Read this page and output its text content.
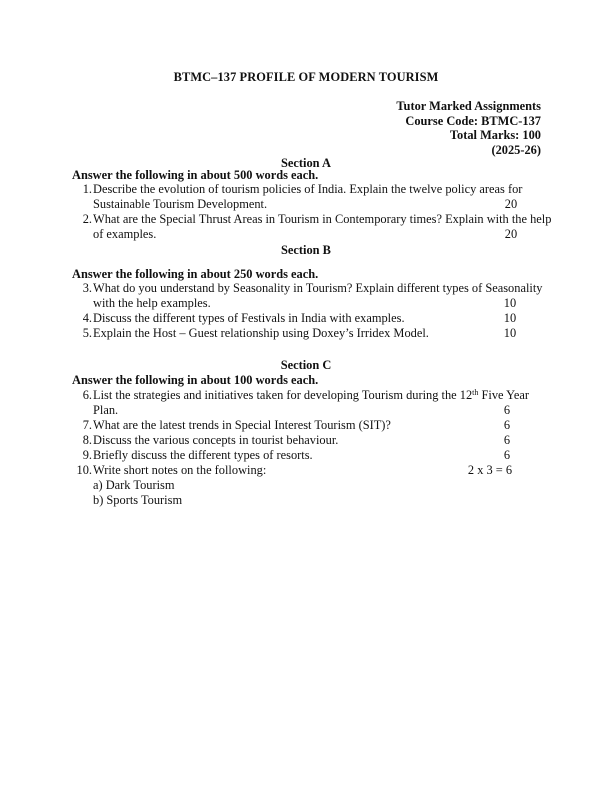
BTMC–137 PROFILE OF MODERN TOURISM
Tutor Marked Assignments
Course Code: BTMC-137
Total Marks: 100
(2025-26)
Section A
Answer the following in about 500 words each.
1. Describe the evolution of tourism policies of India. Explain the twelve policy areas for
Sustainable Tourism Development.	20
2. What are the Special Thrust Areas in Tourism in Contemporary times? Explain with the help
of examples.	20
Section B
Answer the following in about 250 words each.
3. What do you understand by Seasonality in Tourism? Explain different types of Seasonality
with the help examples.	10
4. Discuss the different types of Festivals in India with examples.	10
5. Explain the Host – Guest relationship using Doxey’s Irridex Model.	10
Section C
Answer the following in about 100 words each.
6. List the strategies and initiatives taken for developing Tourism during the 12th Five Year
Plan.	6
7. What are the latest trends in Special Interest Tourism (SIT)?	6
8. Discuss the various concepts in tourist behaviour.	6
9. Briefly discuss the different types of resorts.	6
10. Write short notes on the following:	2 x 3 = 6
a) Dark Tourism
b) Sports Tourism
